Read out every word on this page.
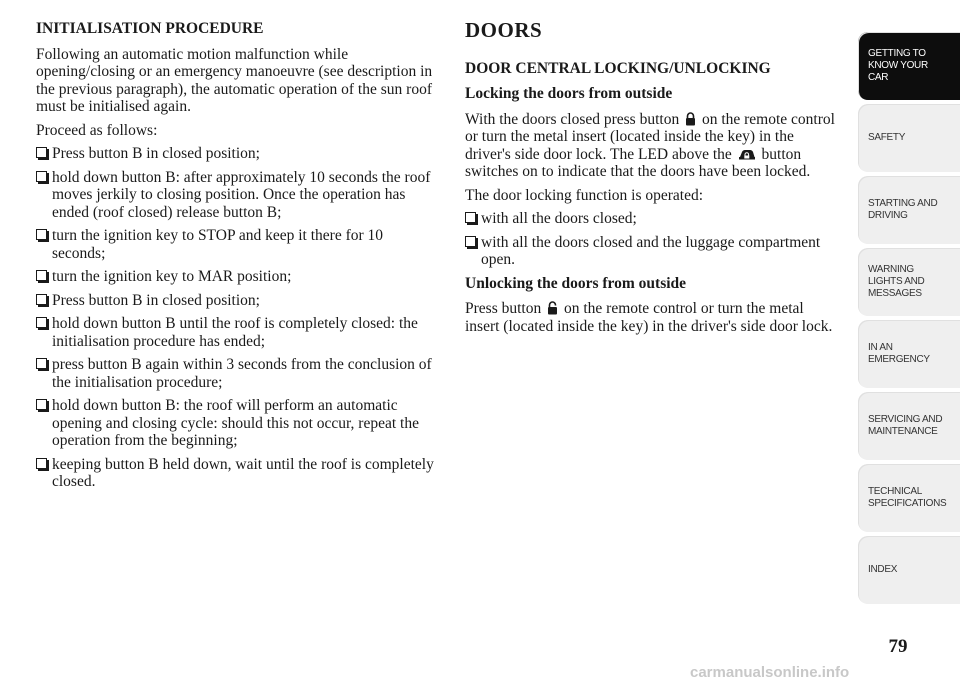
INITIALISATION PROCEDURE

Following an automatic motion malfunction while opening/closing or an emergency manoeuvre (see description in the previous paragraph), the automatic operation of the sun roof must be initialised again.

Proceed as follows:

Press button B in closed position;
hold down button B: after approximately 10 seconds the roof moves jerkily to closing position. Once the operation has ended (roof closed) release button B;
turn the ignition key to STOP and keep it there for 10 seconds;
turn the ignition key to MAR position;
Press button B in closed position;
hold down button B until the roof is completely closed: the initialisation procedure has ended;
press button B again within 3 seconds from the conclusion of the initialisation procedure;
hold down button B: the roof will perform an automatic opening and closing cycle: should this not occur, repeat the operation from the beginning;
keeping button B held down, wait until the roof is completely closed.
DOORS
DOOR CENTRAL LOCKING/UNLOCKING
Locking the doors from outside

With the doors closed press button on the remote control or turn the metal insert (located inside the key) in the driver's side door lock. The LED above the button switches on to indicate that the doors have been locked.

The door locking function is operated:

with all the doors closed;
with all the doors closed and the luggage compartment open.
Unlocking the doors from outside

Press button on the remote control or turn the metal insert (located inside the key) in the driver's side door lock.

GETTING TO KNOW YOUR CAR
SAFETY
STARTING AND DRIVING
WARNING LIGHTS AND MESSAGES
IN AN EMERGENCY
SERVICING AND MAINTENANCE
TECHNICAL SPECIFICATIONS
INDEX
79
carmanualsonline.info
